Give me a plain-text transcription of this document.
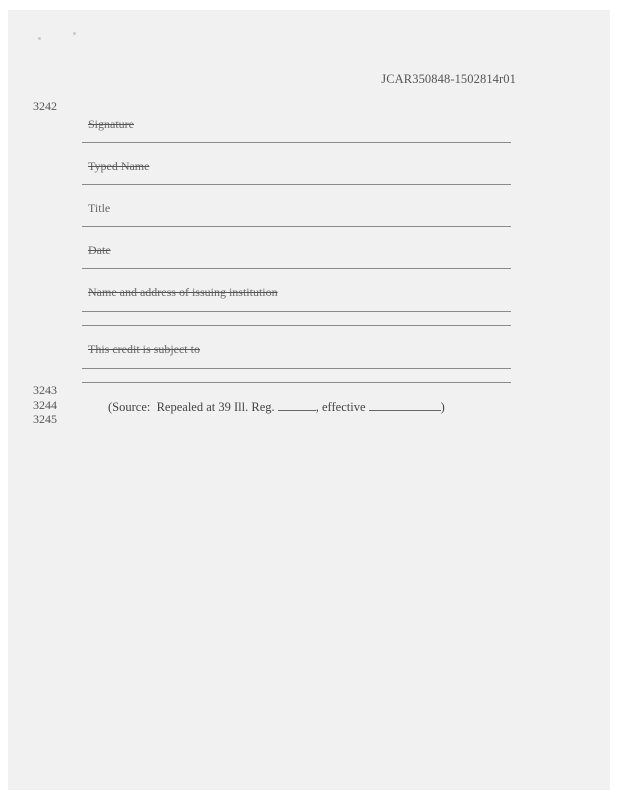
JCAR350848-1502814r01
3242
3243
3244
3245
Signature
Typed Name
Title
Date
Name and address of issuing institution
This credit is subject to
(Source:  Repealed at 39 Ill. Reg.	, effective	)
